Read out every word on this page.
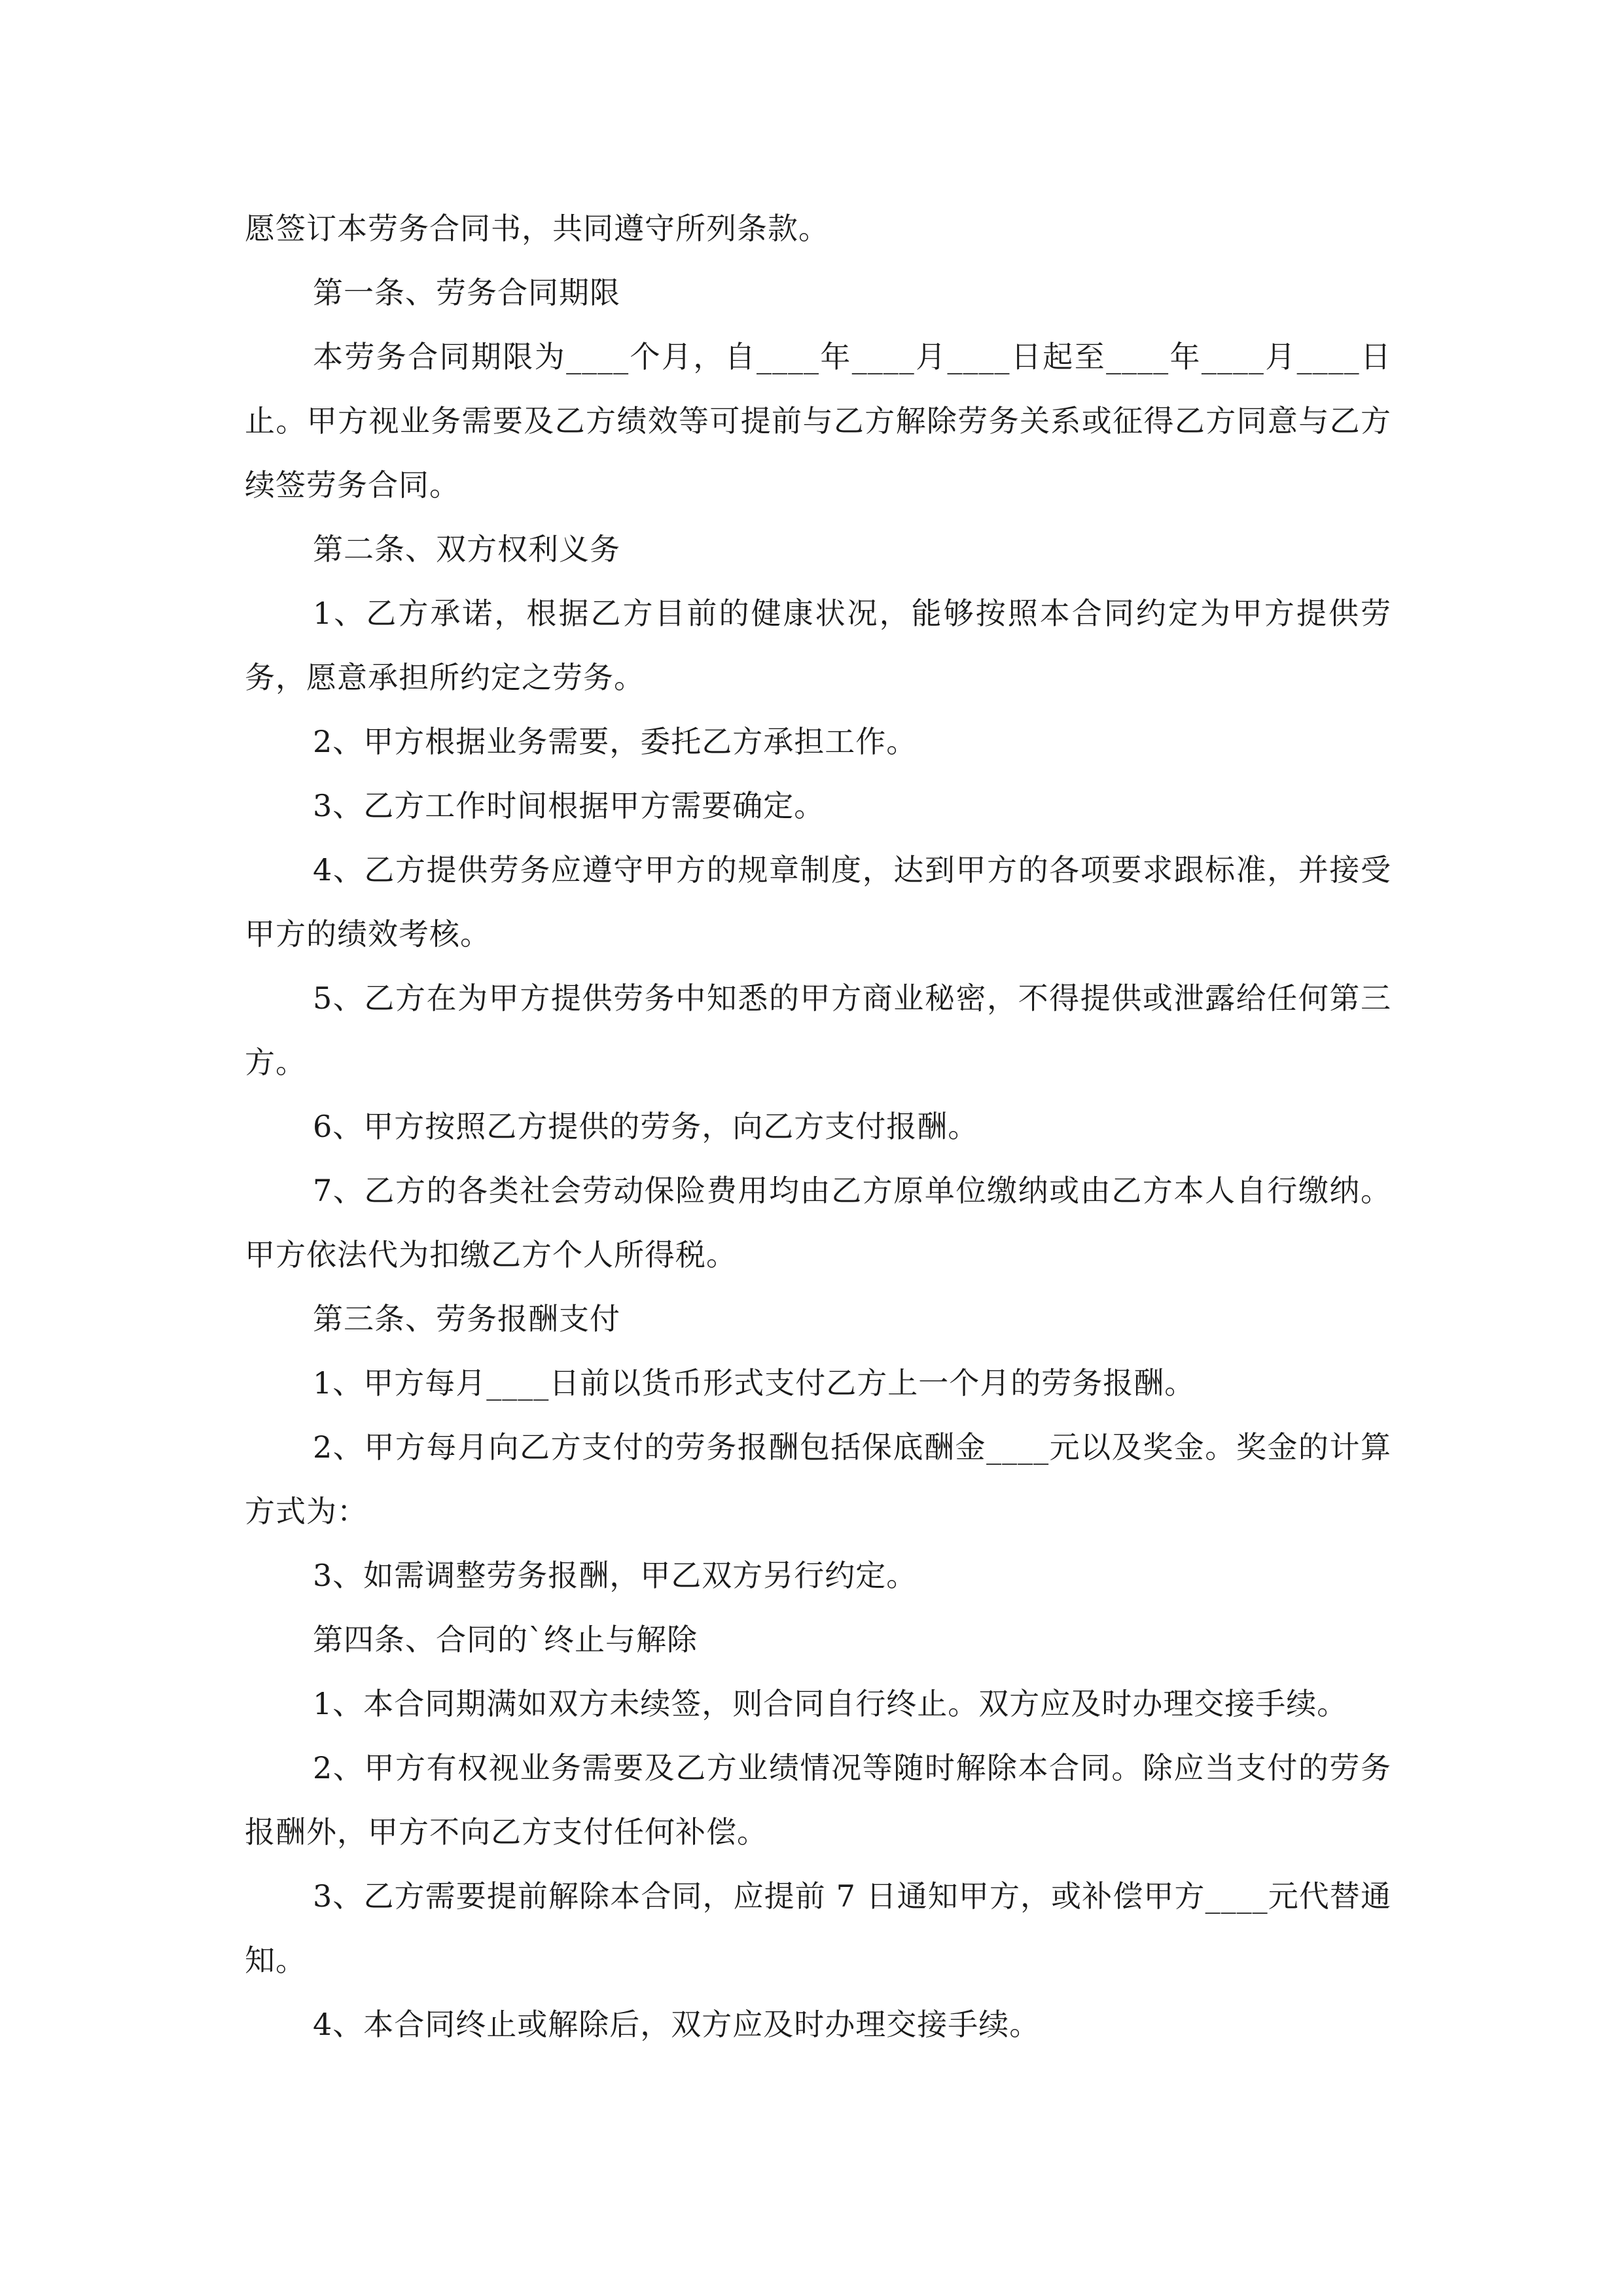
愿签订本劳务合同书，共同遵守所列条款。

第一条、劳务合同期限

本劳务合同期限为____个月，自____年____月____日起至____年____月____日止。甲方视业务需要及乙方绩效等可提前与乙方解除劳务关系或征得乙方同意与乙方续签劳务合同。

第二条、双方权利义务

1、乙方承诺，根据乙方目前的健康状况，能够按照本合同约定为甲方提供劳务，愿意承担所约定之劳务。

2、甲方根据业务需要，委托乙方承担工作。

3、乙方工作时间根据甲方需要确定。

4、乙方提供劳务应遵守甲方的规章制度，达到甲方的各项要求跟标准，并接受甲方的绩效考核。

5、乙方在为甲方提供劳务中知悉的甲方商业秘密，不得提供或泄露给任何第三方。

6、甲方按照乙方提供的劳务，向乙方支付报酬。

7、乙方的各类社会劳动保险费用均由乙方原单位缴纳或由乙方本人自行缴纳。甲方依法代为扣缴乙方个人所得税。

第三条、劳务报酬支付

1、甲方每月____日前以货币形式支付乙方上一个月的劳务报酬。

2、甲方每月向乙方支付的劳务报酬包括保底酬金____元以及奖金。奖金的计算方式为：

3、如需调整劳务报酬，甲乙双方另行约定。

第四条、合同的`终止与解除

1、本合同期满如双方未续签，则合同自行终止。双方应及时办理交接手续。

2、甲方有权视业务需要及乙方业绩情况等随时解除本合同。除应当支付的劳务报酬外，甲方不向乙方支付任何补偿。

3、乙方需要提前解除本合同，应提前 7 日通知甲方，或补偿甲方____元代替通知。

4、本合同终止或解除后，双方应及时办理交接手续。
